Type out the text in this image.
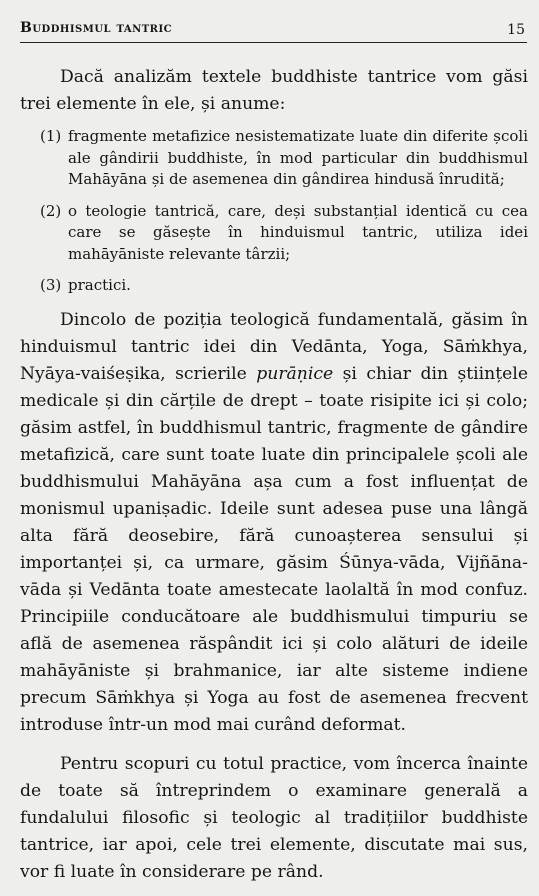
Buddhismul tantric	15

Dacă analizăm textele buddhiste tantrice vom găsi trei elemente în ele, și anume:

(1) fragmente metafizice nesistematizate luate din diferite școli ale gândirii buddhiste, în mod particular din buddhismul Mahāyāna și de asemenea din gândirea hindusă înrudită;
(2) o teologie tantrică, care, deși substanțial identică cu cea care se găsește în hinduismul tantric, utiliza idei mahāyāniste relevante târzii;
(3) practici.

Dincolo de poziția teologică fundamentală, găsim în hinduismul tantric idei din Vedānta, Yoga, Sāṁkhya, Nyāya-vaiśeṣika, scrierile purāṇice și chiar din științele medicale și din cărțile de drept – toate risipite ici și colo; găsim astfel, în buddhismul tantric, fragmente de gândire metafizică, care sunt toate luate din principalele școli ale buddhismului Mahāyāna așa cum a fost influențat de monismul upaniṣadic. Ideile sunt adesea puse una lângă alta fără deosebire, fără cunoașterea sensului și importanței și, ca urmare, găsim Śūnya-vāda, Vijñāna-vāda și Vedānta toate amestecate laolaltă în mod confuz. Principiile conducătoare ale buddhismului timpuriu se află de asemenea răspândit ici și colo alături de ideile mahāyāniste și brahmanice, iar alte sisteme indiene precum Sāṁkhya și Yoga au fost de asemenea frecvent introduse într-un mod mai curând deformat.

Pentru scopuri cu totul practice, vom încerca înainte de toate să întreprindem o examinare generală a fundalului filosofic și teologic al tradițiilor buddhiste tantrice, iar apoi, cele trei elemente, discutate mai sus, vor fi luate în considerare pe rând.
